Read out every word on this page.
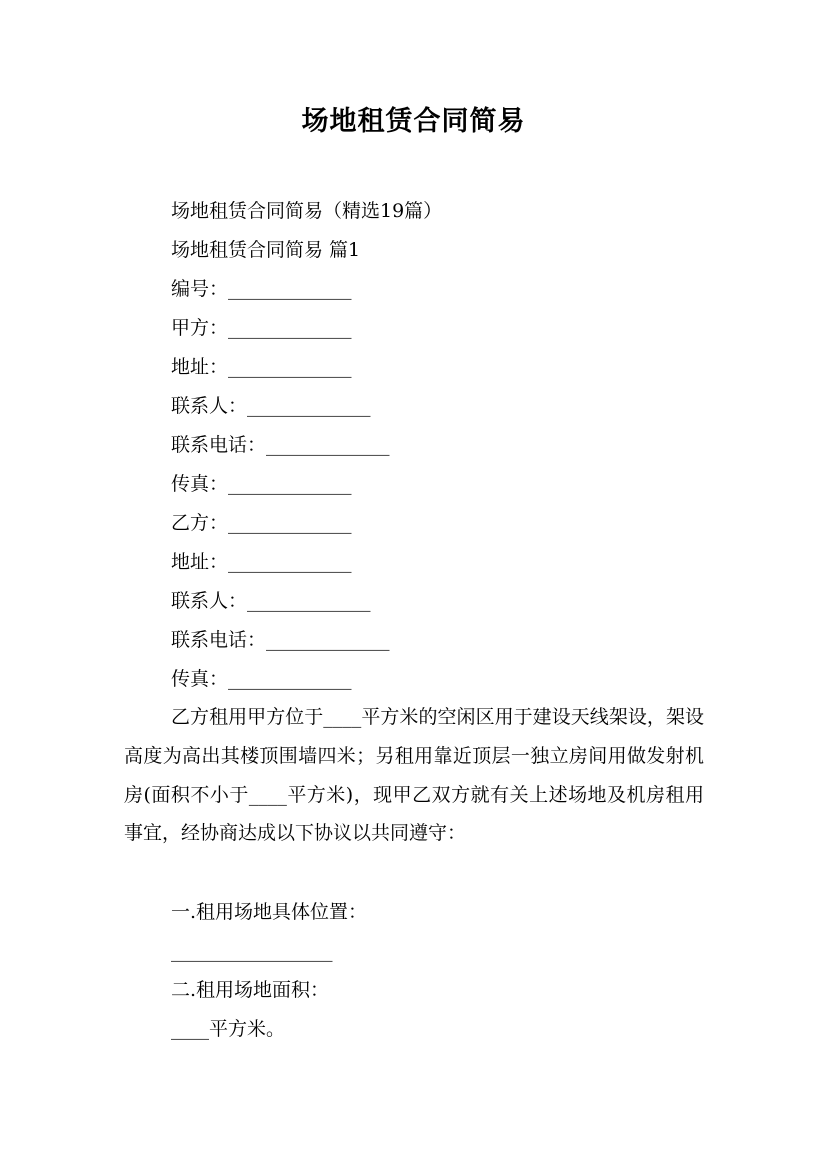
场地租赁合同简易

场地租赁合同简易（精选19篇）

场地租赁合同简易 篇1

编号：_____________

甲方：_____________

地址：_____________

联系人：_____________

联系电话：_____________

传真：_____________

乙方：_____________

地址：_____________

联系人：_____________

联系电话：_____________

传真：_____________

乙方租用甲方位于____平方米的空闲区用于建设天线架设，架设高度为高出其楼顶围墙四米；另租用靠近顶层一独立房间用做发射机房(面积不小于____平方米)，现甲乙双方就有关上述场地及机房租用事宜，经协商达成以下协议以共同遵守：

一.租用场地具体位置：

_________________

二.租用场地面积：

____平方米。
